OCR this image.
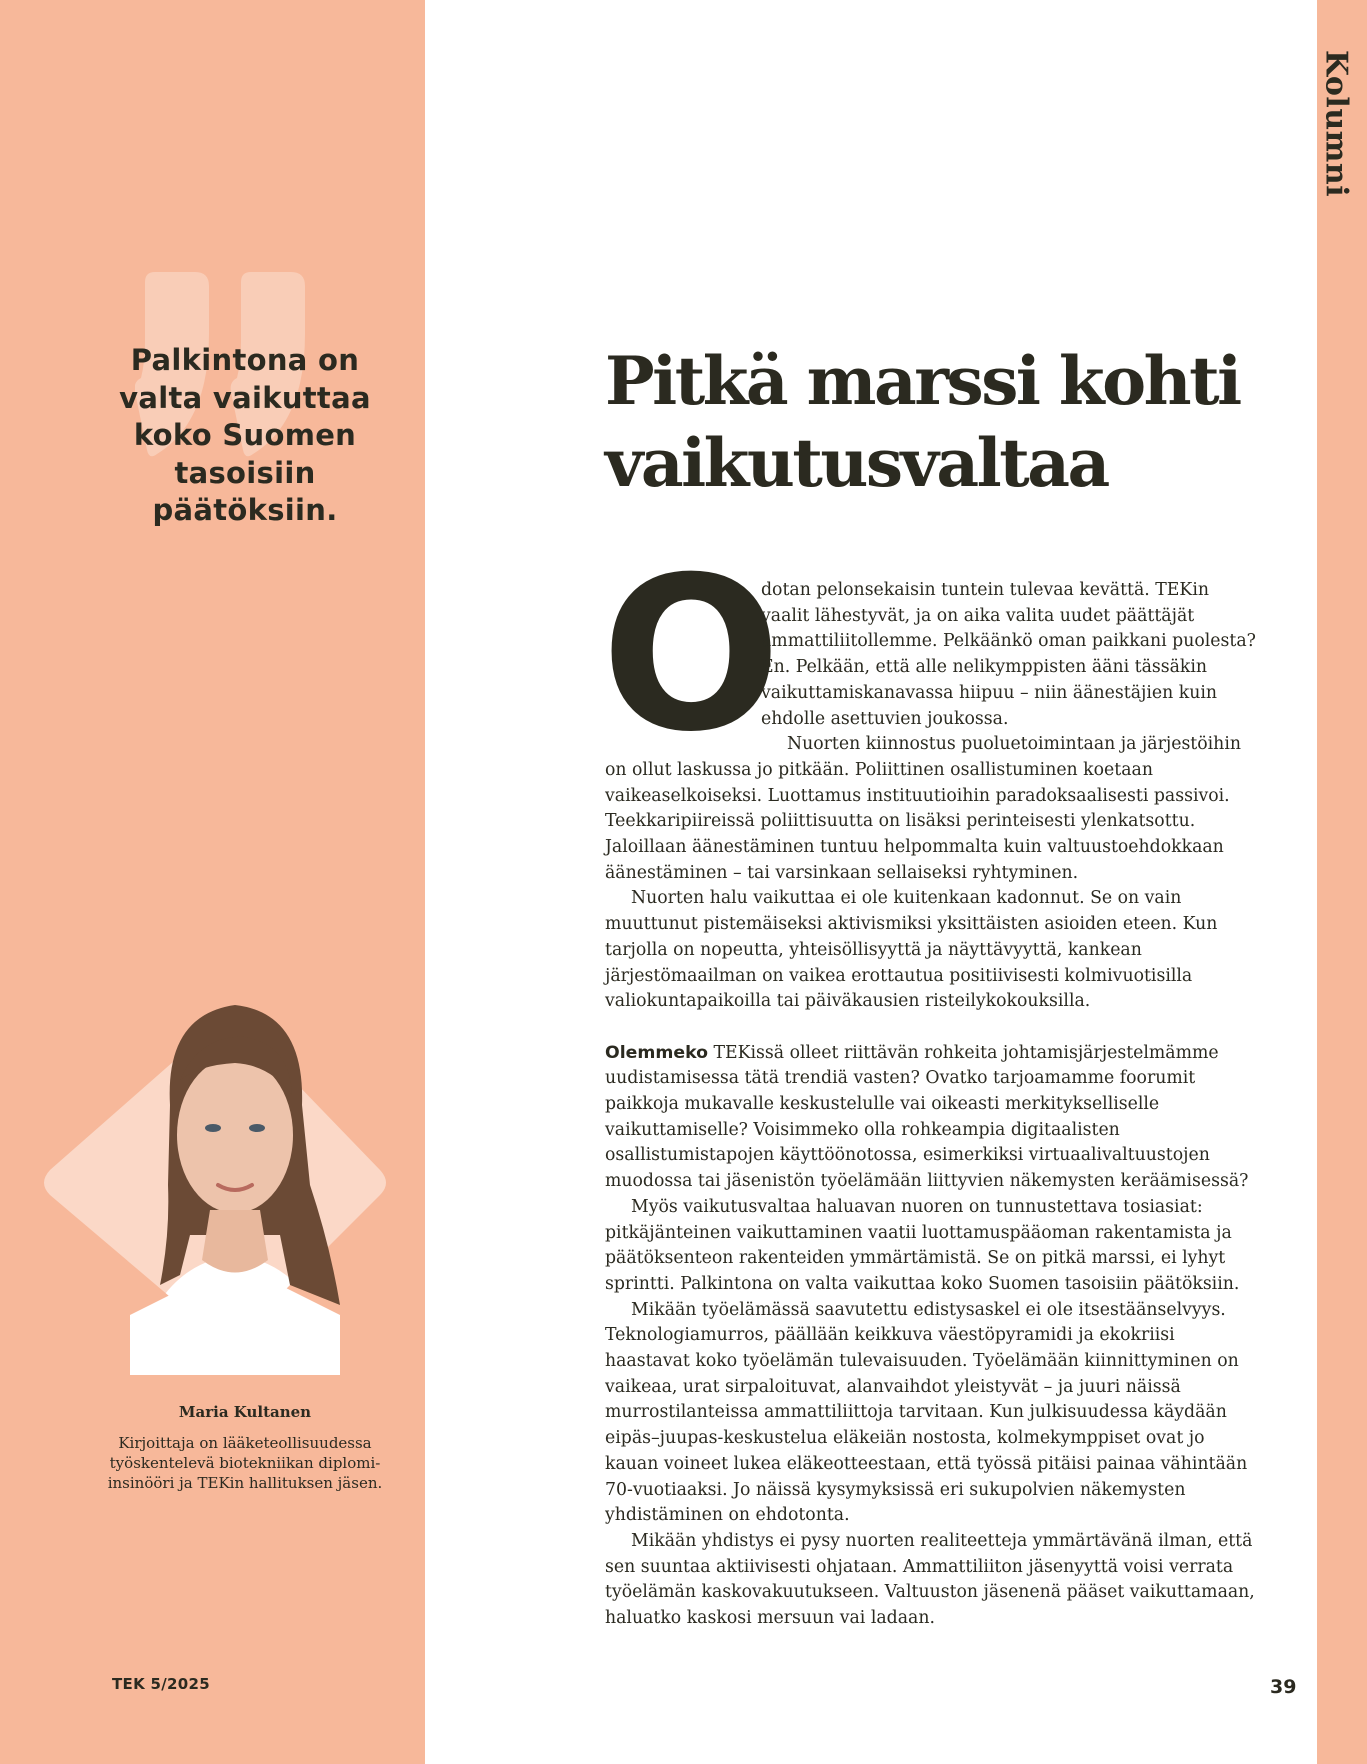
Kolumni
Palkintona on valta vaikuttaa koko Suomen tasoisiin päätöksiin.
Maria Kultanen
Kirjoittaja on lääketeollisuudessa työskentelevä biotekniikan diplomi-insinööri ja TEKin hallituksen jäsen.
Pitkä marssi kohti vaikutusvaltaa

O
dotan pelonsekaisin tuntein tulevaa kevättä. TEKin vaalit lähestyvät, ja on aika valita uudet päättäjät ammattiliitollemme. Pelkäänkö oman paikkani puolesta? En. Pelkään, että alle nelikymppisten ääni tässäkin vaikuttamiskanavassa hiipuu – niin äänestäjien kuin ehdolle asettuvien joukossa.

Nuorten kiinnostus puoluetoimintaan ja järjestöihin on ollut laskussa jo pitkään. Poliittinen osallistuminen koetaan vaikeaselkoiseksi. Luottamus instituutioihin paradoksaalisesti passivoi. Teekkaripiireissä poliittisuutta on lisäksi perinteisesti ylenkatsottu. Jaloillaan äänestäminen tuntuu helpommalta kuin valtuustoehdokkaan äänestäminen – tai varsinkaan sellaiseksi ryhtyminen.

Nuorten halu vaikuttaa ei ole kuitenkaan kadonnut. Se on vain muuttunut pistemäiseksi aktivismiksi yksittäisten asioiden eteen. Kun tarjolla on nopeutta, yhteisöllisyyttä ja näyttävyyttä, kankean järjestömaailman on vaikea erottautua positiivisesti kolmivuotisilla valiokuntapaikoilla tai päiväkausien risteilykokouksilla.

Olemmeko TEKissä olleet riittävän rohkeita johtamisjärjestelmämme uudistamisessa tätä trendiä vasten? Ovatko tarjoamamme foorumit paikkoja mukavalle keskustelulle vai oikeasti merkitykselliselle vaikuttamiselle? Voisimmeko olla rohkeampia digitaalisten osallistumistapojen käyttöönotossa, esimerkiksi virtuaalivaltuustojen muodossa tai jäsenistön työelämään liittyvien näkemysten keräämisessä?

Myös vaikutusvaltaa haluavan nuoren on tunnustettava tosiasiat: pitkäjänteinen vaikuttaminen vaatii luottamuspääoman rakentamista ja päätöksenteon rakenteiden ymmärtämistä. Se on pitkä marssi, ei lyhyt sprintti. Palkintona on valta vaikuttaa koko Suomen tasoisiin päätöksiin.

Mikään työelämässä saavutettu edistysaskel ei ole itsestäänselvyys. Teknologiamurros, päällään keikkuva väestöpyramidi ja ekokriisi haastavat koko työelämän tulevaisuuden. Työelämään kiinnittyminen on vaikeaa, urat sirpaloituvat, alanvaihdot yleistyvät – ja juuri näissä murrostilanteissa ammattiliittoja tarvitaan. Kun julkisuudessa käydään eipäs–juupas-keskustelua eläkeiän nostosta, kolmekymppiset ovat jo kauan voineet lukea eläkeotteestaan, että työssä pitäisi painaa vähintään 70-vuotiaaksi. Jo näissä kysymyksissä eri sukupolvien näkemysten yhdistäminen on ehdotonta.

Mikään yhdistys ei pysy nuorten realiteetteja ymmärtävänä ilman, että sen suuntaa aktiivisesti ohjataan. Ammattiliiton jäsenyyttä voisi verrata työelämän kaskovakuutukseen. Valtuuston jäsenenä pääset vaikuttamaan, haluatko kaskosi mersuun vai ladaan.

TEK 5/2025	39
